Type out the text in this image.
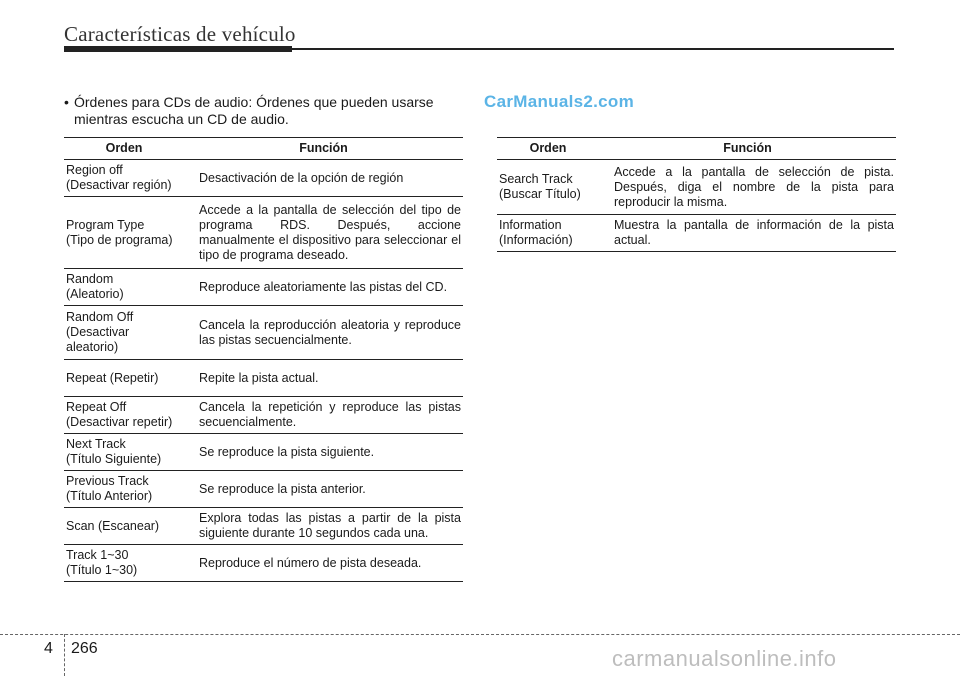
Características de vehículo
• Órdenes para CDs de audio: Órdenes que pueden usarse
mientras escucha un CD de audio.
CarManuals2.com
Orden	Función

Region off
(Desactivar región)	Desactivación de la opción de región

Program Type
(Tipo de programa)	Accede a la pantalla de selección del tipo de programa RDS. Después, accione manualmente el dispositivo para seleccionar el tipo de programa deseado.

Random
(Aleatorio)	Reproduce aleatoriamente las pistas del CD.

Random Off
(Desactivar
aleatorio)	Cancela la reproducción aleatoria y reproduce las pistas secuencialmente.

Repeat (Repetir)	Repite la pista actual.

Repeat Off
(Desactivar repetir)	Cancela la repetición y reproduce las pistas secuencialmente.

Next Track
(Título Siguiente)	Se reproduce la pista siguiente.

Previous Track
(Título Anterior)	Se reproduce la pista anterior.

Scan (Escanear)	Explora todas las pistas a partir de la pista siguiente durante 10 segundos cada una.

Track 1~30
(Título 1~30)	Reproduce el número de pista deseada.
Orden	Función

Search Track
(Buscar Título)	Accede a la pantalla de selección de pista. Después, diga el nombre de la pista para reproducir la misma.

Information
(Información)	Muestra la pantalla de información de la pista actual.
4 266	carmanualsonline.info
